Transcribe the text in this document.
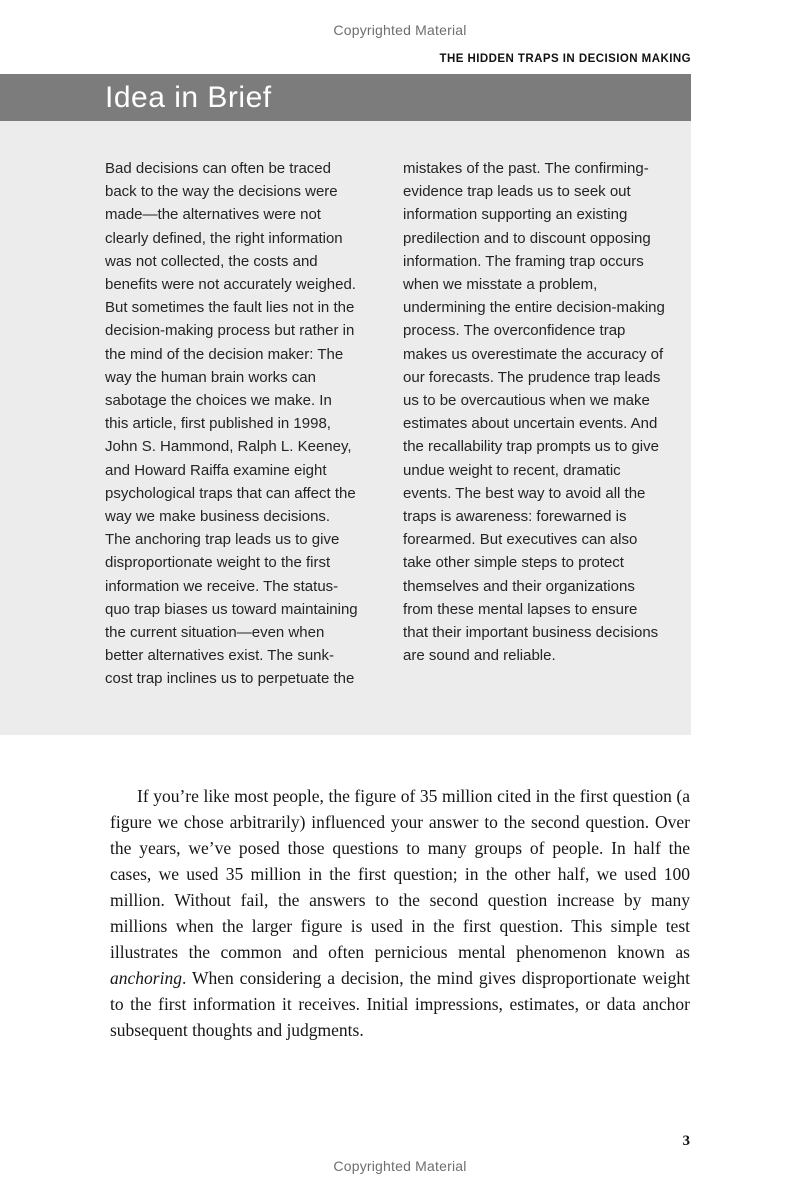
Copyrighted Material
THE HIDDEN TRAPS IN DECISION MAKING
Idea in Brief
Bad decisions can often be traced back to the way the decisions were made—the alternatives were not clearly defined, the right information was not collected, the costs and benefits were not accurately weighed. But sometimes the fault lies not in the decision-making process but rather in the mind of the decision maker: The way the human brain works can sabotage the choices we make. In this article, first published in 1998, John S. Hammond, Ralph L. Keeney, and Howard Raiffa examine eight psychological traps that can affect the way we make business decisions. The anchoring trap leads us to give disproportionate weight to the first information we receive. The status-quo trap biases us toward maintaining the current situation—even when better alternatives exist. The sunk-cost trap inclines us to perpetuate the
mistakes of the past. The confirming-evidence trap leads us to seek out information supporting an existing predilection and to discount opposing information. The framing trap occurs when we misstate a problem, undermining the entire decision-making process. The overconfidence trap makes us overestimate the accuracy of our forecasts. The prudence trap leads us to be overcautious when we make estimates about uncertain events. And the recallability trap prompts us to give undue weight to recent, dramatic events. The best way to avoid all the traps is awareness: forewarned is forearmed. But executives can also take other simple steps to protect themselves and their organizations from these mental lapses to ensure that their important business decisions are sound and reliable.

If you’re like most people, the figure of 35 million cited in the first question (a figure we chose arbitrarily) influenced your answer to the second question. Over the years, we’ve posed those questions to many groups of people. In half the cases, we used 35 million in the first question; in the other half, we used 100 million. Without fail, the answers to the second question increase by many millions when the larger figure is used in the first question. This simple test illustrates the common and often pernicious mental phenomenon known as anchoring. When considering a decision, the mind gives disproportionate weight to the first information it receives. Initial impressions, estimates, or data anchor subsequent thoughts and judgments.

3
Copyrighted Material
